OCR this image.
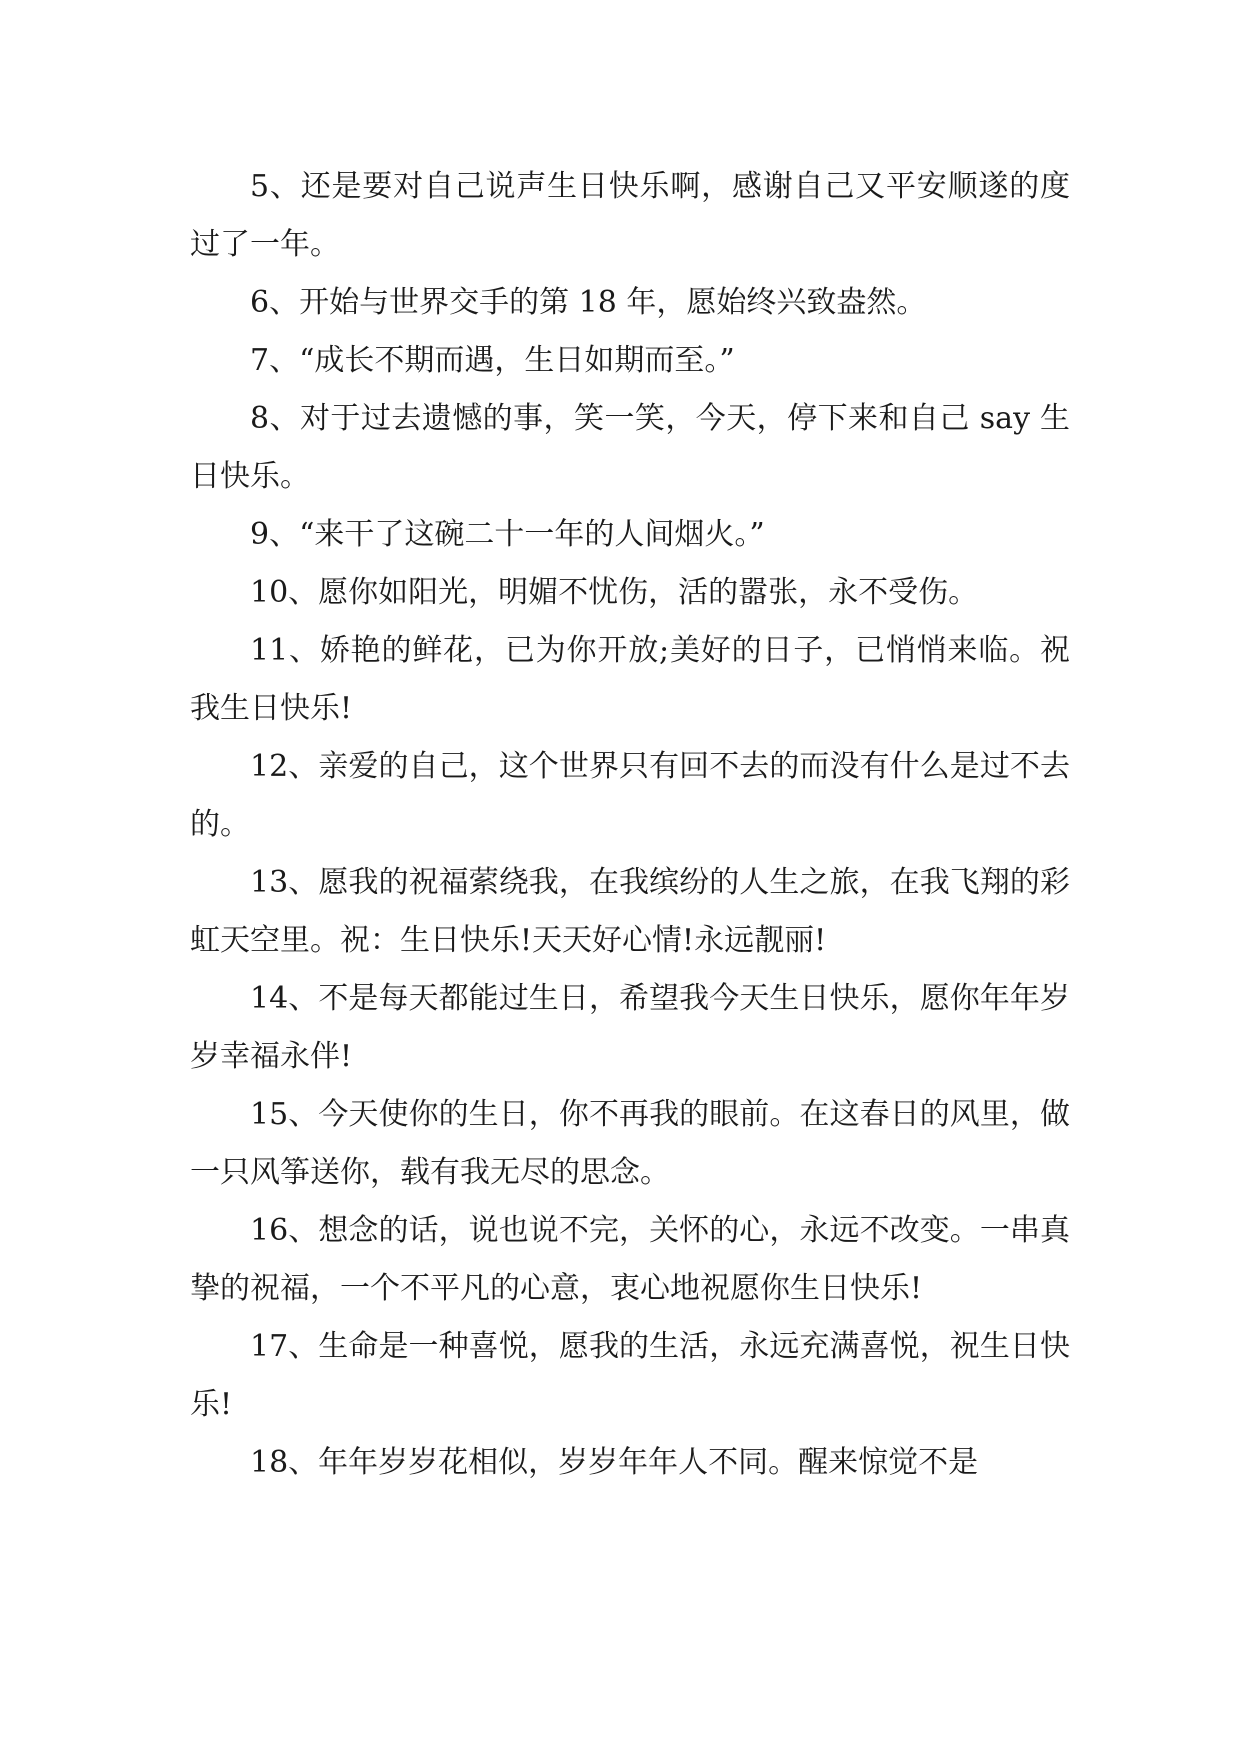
5、还是要对自己说声生日快乐啊，感谢自己又平安顺遂的度过了一年。

6、开始与世界交手的第 18 年，愿始终兴致盎然。

7、“成长不期而遇，生日如期而至。”

8、对于过去遗憾的事，笑一笑，今天，停下来和自己 say 生日快乐。

9、“来干了这碗二十一年的人间烟火。”

10、愿你如阳光，明媚不忧伤，活的嚣张，永不受伤。

11、娇艳的鲜花，已为你开放;美好的日子，已悄悄来临。祝我生日快乐!

12、亲爱的自己，这个世界只有回不去的而没有什么是过不去的。

13、愿我的祝福萦绕我，在我缤纷的人生之旅，在我飞翔的彩虹天空里。祝：生日快乐!天天好心情!永远靓丽!

14、不是每天都能过生日，希望我今天生日快乐，愿你年年岁岁幸福永伴!

15、今天使你的生日，你不再我的眼前。在这春日的风里，做一只风筝送你，载有我无尽的思念。

16、想念的话，说也说不完，关怀的心，永远不改变。一串真挚的祝福，一个不平凡的心意，衷心地祝愿你生日快乐!

17、生命是一种喜悦，愿我的生活，永远充满喜悦，祝生日快乐!

18、年年岁岁花相似，岁岁年年人不同。醒来惊觉不是
